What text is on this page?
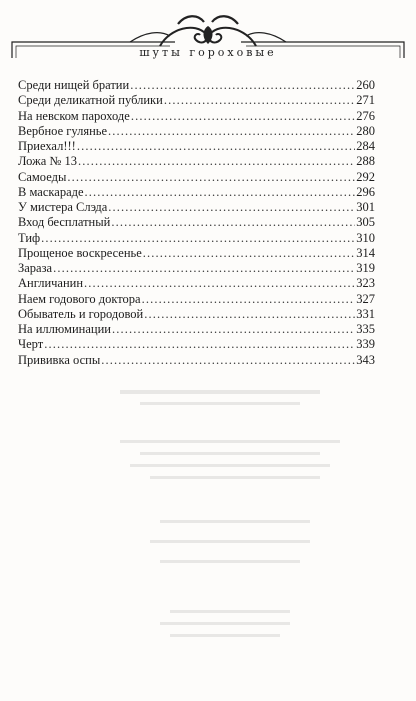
шуты гороховые
Среди нищей братии . . .	260
Среди деликатной публики . . .	271
На невском пароходе . . .	276
Вербное гулянье . . .	280
Приехал!!! . . .	284
Ложа № 13 . . .	288
Самоеды . . .	292
В маскараде . . .	296
У мистера Слэда . . .	301
Вход бесплатный . . .	305
Тиф . . .	310
Прощеное воскресенье . . .	314
Зараза . . .	319
Англичанин . . .	323
Наем годового доктора . . .	327
Обыватель и городовой . . .	331
На иллюминации . . .	335
Черт . . .	339
Прививка оспы . . .	343
